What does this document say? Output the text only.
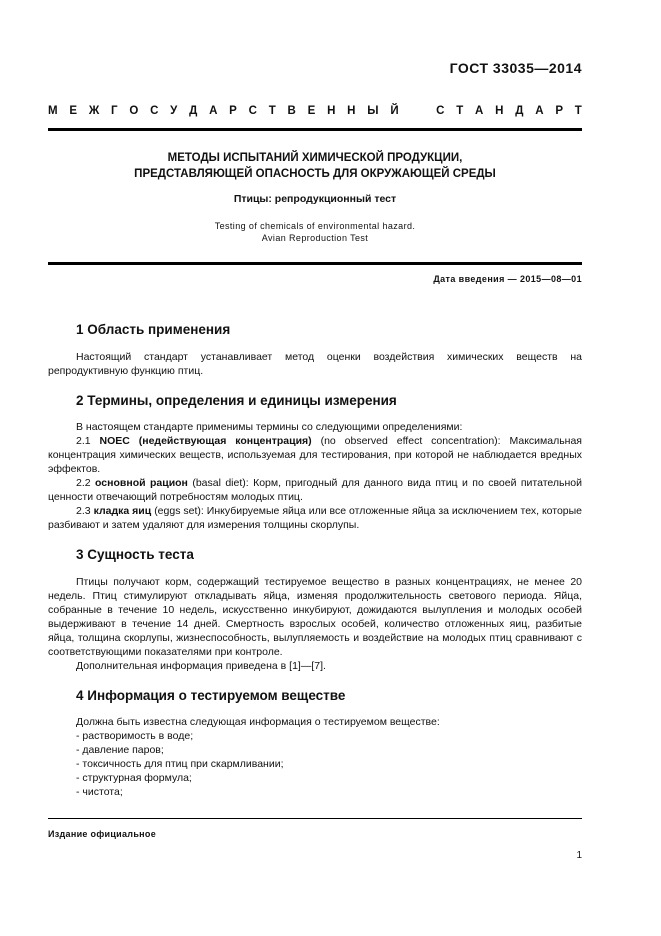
ГОСТ 33035—2014
М Е Ж Г О С У Д А Р С Т В Е Н Н Ы Й	С Т А Н Д А Р Т
МЕТОДЫ ИСПЫТАНИЙ ХИМИЧЕСКОЙ ПРОДУКЦИИ,
ПРЕДСТАВЛЯЮЩЕЙ ОПАСНОСТЬ ДЛЯ ОКРУЖАЮЩЕЙ СРЕДЫ
Птицы: репродукционный тест
Testing of chemicals of environmental hazard.
Avian Reproduction Test
Дата введения — 2015—08—01
1 Область применения
Настоящий стандарт устанавливает метод оценки воздействия химических веществ на репродуктивную функцию птиц.
2 Термины, определения и единицы измерения
В настоящем стандарте применимы термины со следующими определениями:
2.1 NOEC (недействующая концентрация) (no observed effect concentration): Максимальная концентрация химических веществ, используемая для тестирования, при которой не наблюдается вредных эффектов.
2.2 основной рацион (basal diet): Корм, пригодный для данного вида птиц и по своей питательной ценности отвечающий потребностям молодых птиц.
2.3 кладка яиц (eggs set): Инкубируемые яйца или все отложенные яйца за исключением тех, которые разбивают и затем удаляют для измерения толщины скорлупы.
3 Сущность теста
Птицы получают корм, содержащий тестируемое вещество в разных концентрациях, не менее 20 недель. Птиц стимулируют откладывать яйца, изменяя продолжительность светового периода. Яйца, собранные в течение 10 недель, искусственно инкубируют, дожидаются вылупления и молодых особей выдерживают в течение 14 дней. Смертность взрослых особей, количество отложенных яиц, разбитые яйца, толщина скорлупы, жизнеспособность, вылупляемость и воздействие на молодых птиц сравнивают с соответствующими показателями при контроле.
Дополнительная информация приведена в [1]—[7].
4 Информация о тестируемом веществе
Должна быть известна следующая информация о тестируемом веществе:
- растворимость в воде;
- давление паров;
- токсичность для птиц при скармливании;
- структурная формула;
- чистота;
Издание официальное
1
